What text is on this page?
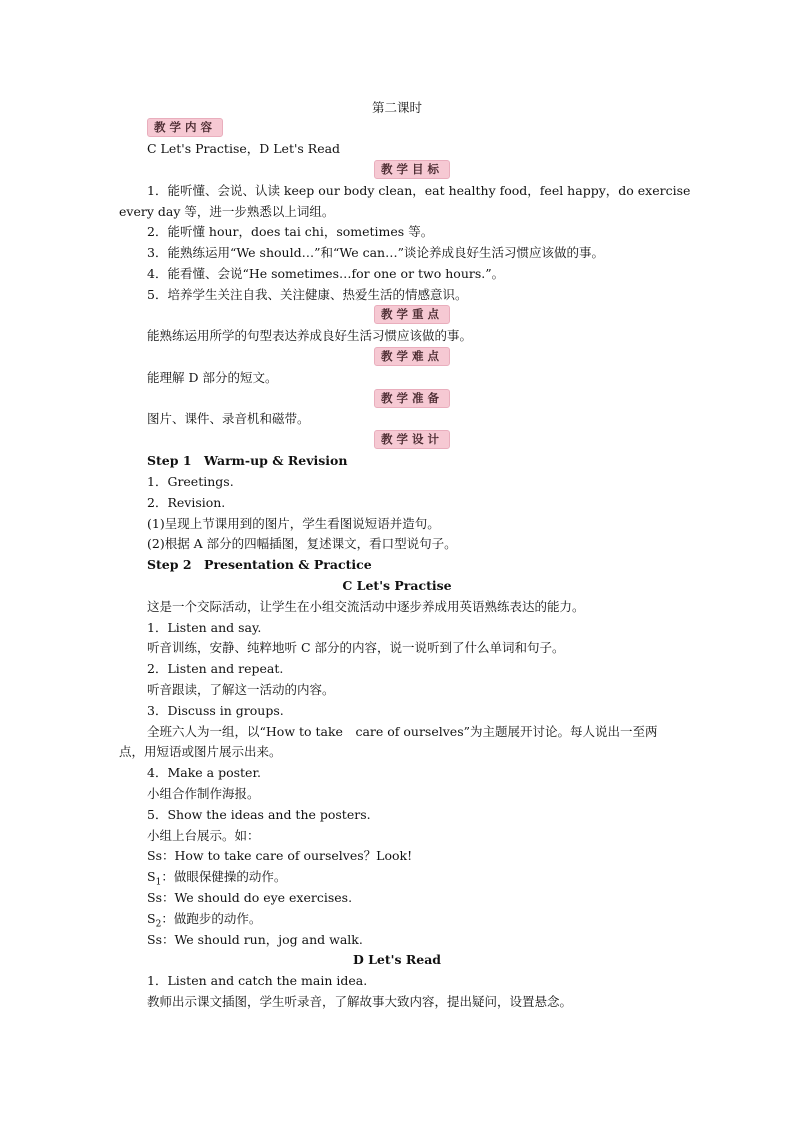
第二课时
教学内容
C Let's Practise，D Let's Read
教学目标
1．能听懂、会说、认读 keep our body clean，eat healthy food，feel happy，do exercise
every day 等，进一步熟悉以上词组。
2．能听懂 hour，does tai chi，sometimes 等。
3．能熟练运用“We should…”和“We can…”谈论养成良好生活习惯应该做的事。
4．能看懂、会说“He sometimes…for one or two hours.”。
5．培养学生关注自我、关注健康、热爱生活的情感意识。
教学重点
能熟练运用所学的句型表达养成良好生活习惯应该做的事。
教学难点
能理解 D 部分的短文。
教学准备
图片、课件、录音机和磁带。
教学设计
Step 1　Warm-up & Revision
1．Greetings.
2．Revision.
(1)呈现上节课用到的图片，学生看图说短语并造句。
(2)根据 A 部分的四幅插图，复述课文，看口型说句子。
Step 2　Presentation & Practice
C Let's Practise
这是一个交际活动，让学生在小组交流活动中逐步养成用英语熟练表达的能力。
1．Listen and say.
听音训练，安静、纯粹地听 C 部分的内容，说一说听到了什么单词和句子。
2．Listen and repeat.
听音跟读，了解这一活动的内容。
3．Discuss in groups.
全班六人为一组，以“How to take　care of ourselves”为主题展开讨论。每人说出一至两
点，用短语或图片展示出来。
4．Make a poster.
小组合作制作海报。
5．Show the ideas and the posters.
小组上台展示。如：
Ss：How to take care of ourselves？Look!
$S_1$：做眼保健操的动作。
Ss：We should do eye exercises.
$S_2$：做跑步的动作。
Ss：We should run，jog and walk.
D Let's Read
1．Listen and catch the main idea.
教师出示课文插图，学生听录音，了解故事大致内容，提出疑问，设置悬念。
